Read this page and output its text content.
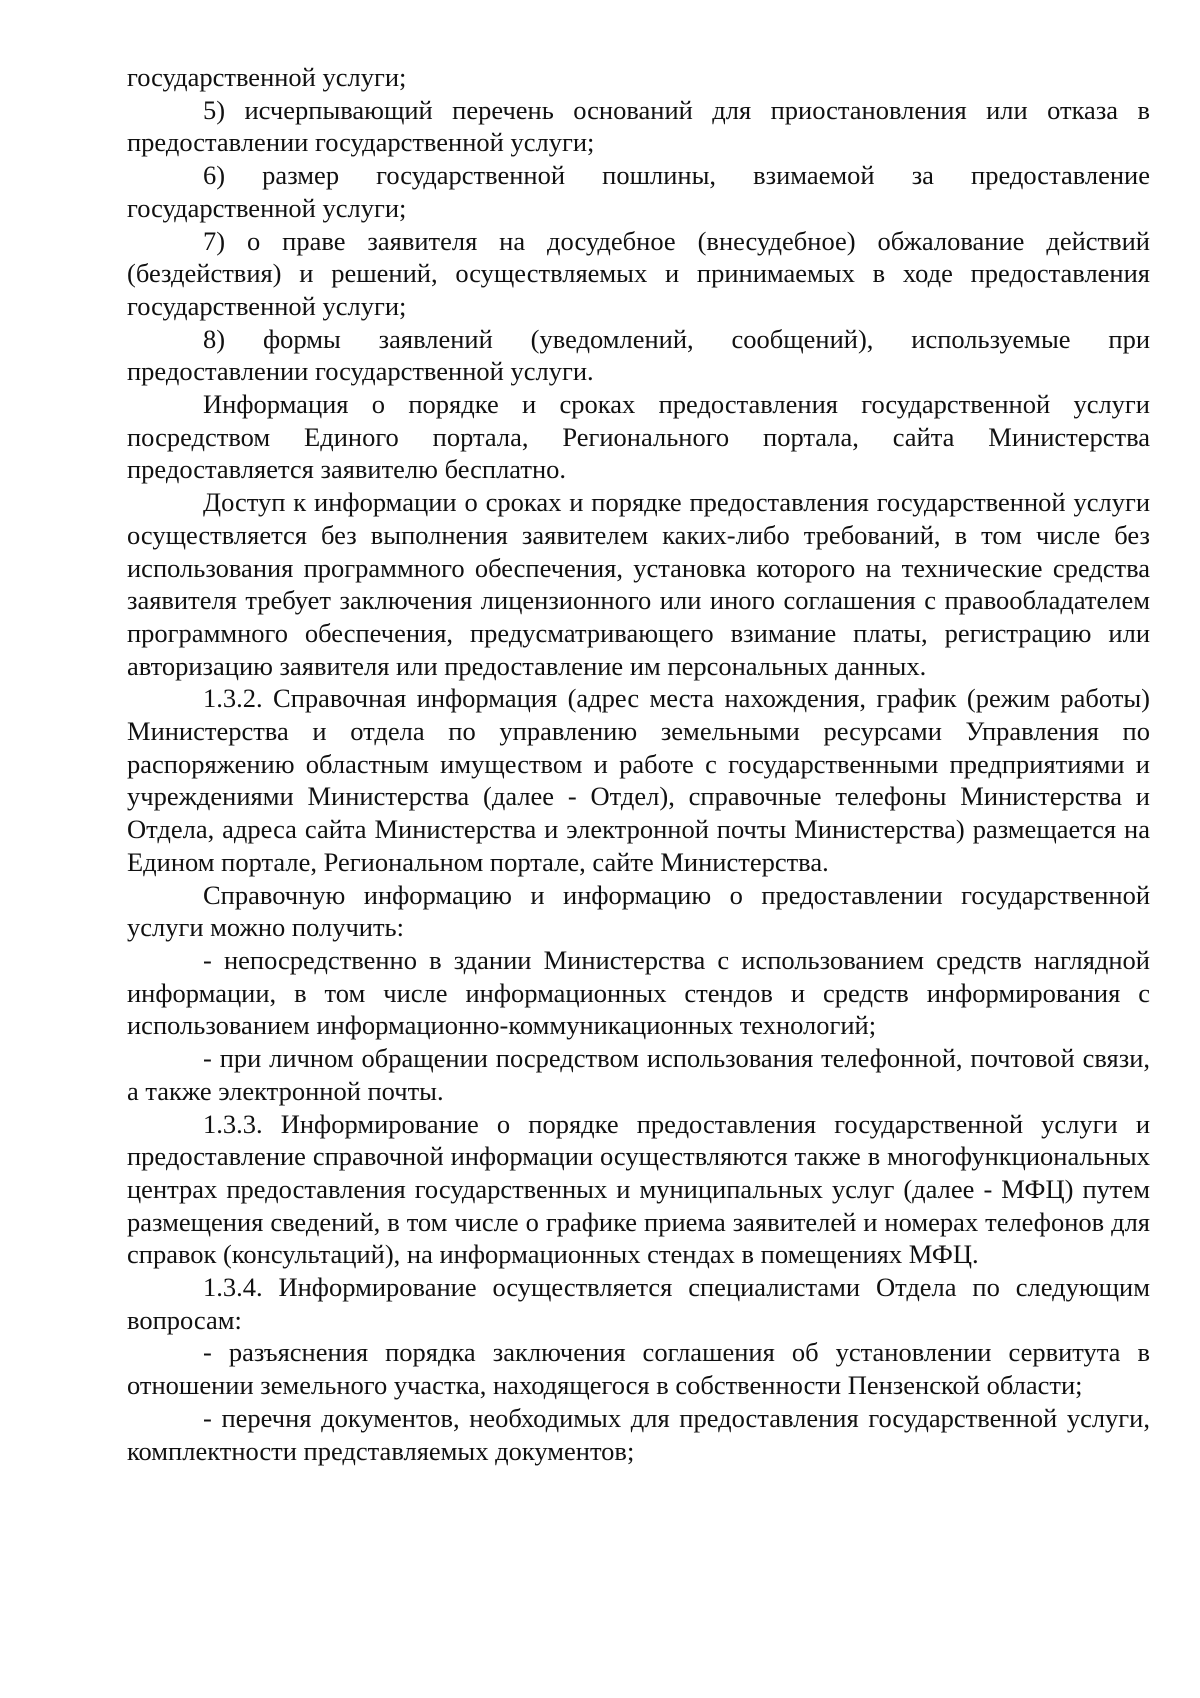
государственной услуги;

5) исчерпывающий перечень оснований для приостановления или отказа в предоставлении государственной услуги;

6) размер государственной пошлины, взимаемой за предоставление государственной услуги;

7) о праве заявителя на досудебное (внесудебное) обжалование действий (бездействия) и решений, осуществляемых и принимаемых в ходе предоставления государственной услуги;

8) формы заявлений (уведомлений, сообщений), используемые при предоставлении государственной услуги.

Информация о порядке и сроках предоставления государственной услуги посредством Единого портала, Регионального портала, сайта Министерства предоставляется заявителю бесплатно.

Доступ к информации о сроках и порядке предоставления государственной услуги осуществляется без выполнения заявителем каких-либо требований, в том числе без использования программного обеспечения, установка которого на технические средства заявителя требует заключения лицензионного или иного соглашения с правообладателем программного обеспечения, предусматривающего взимание платы, регистрацию или авторизацию заявителя или предоставление им персональных данных.

1.3.2. Справочная информация (адрес места нахождения, график (режим работы) Министерства и отдела по управлению земельными ресурсами Управления по распоряжению областным имуществом и работе с государственными предприятиями и учреждениями Министерства (далее - Отдел), справочные телефоны Министерства и Отдела, адреса сайта Министерства и электронной почты Министерства) размещается на Едином портале, Региональном портале, сайте Министерства.

Справочную информацию и информацию о предоставлении государственной услуги можно получить:

- непосредственно в здании Министерства с использованием средств наглядной информации, в том числе информационных стендов и средств информирования с использованием информационно-коммуникационных технологий;

- при личном обращении посредством использования телефонной, почтовой связи, а также электронной почты.

1.3.3. Информирование о порядке предоставления государственной услуги и предоставление справочной информации осуществляются также в многофункциональных центрах предоставления государственных и муниципальных услуг (далее - МФЦ) путем размещения сведений, в том числе о графике приема заявителей и номерах телефонов для справок (консультаций), на информационных стендах в помещениях МФЦ.

1.3.4. Информирование осуществляется специалистами Отдела по следующим вопросам:

- разъяснения порядка заключения соглашения об установлении сервитута в отношении земельного участка, находящегося в собственности Пензенской области;

- перечня документов, необходимых для предоставления государственной услуги, комплектности представляемых документов;
